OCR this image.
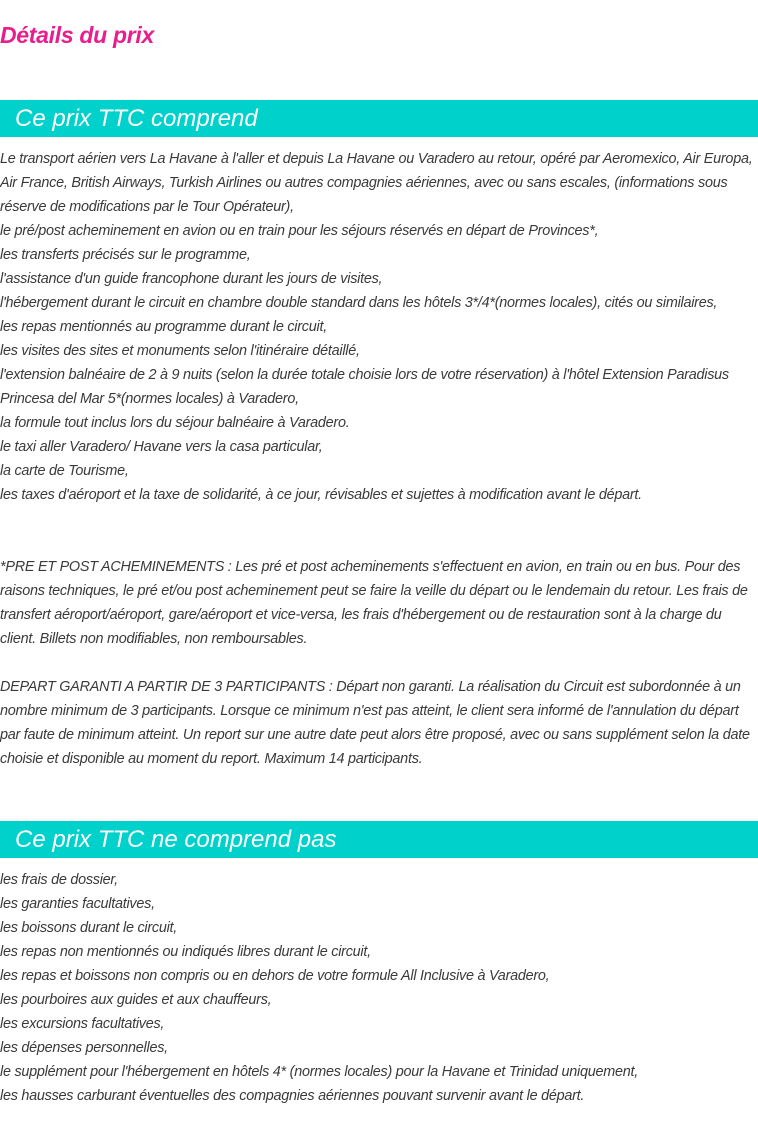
Détails du prix
Ce prix TTC comprend

Le transport aérien vers La Havane à l'aller et depuis La Havane ou Varadero au retour, opéré par Aeromexico, Air Europa, Air France, British Airways, Turkish Airlines ou autres compagnies aériennes, avec ou sans escales, (informations sous réserve de modifications par le Tour Opérateur),

le pré/post acheminement en avion ou en train pour les séjours réservés en départ de Provinces*,

les transferts précisés sur le programme,

l'assistance d'un guide francophone durant les jours de visites,

l'hébergement durant le circuit en chambre double standard dans les hôtels 3*/4*(normes locales), cités ou similaires,

les repas mentionnés au programme durant le circuit,

les visites des sites et monuments selon l'itinéraire détaillé,

l'extension balnéaire de 2 à 9 nuits (selon la durée totale choisie lors de votre réservation) à l'hôtel Extension Paradisus Princesa del Mar 5*(normes locales) à Varadero,

la formule tout inclus lors du séjour balnéaire à Varadero.

le taxi aller Varadero/ Havane vers la casa particular,

la carte de Tourisme,

les taxes d'aéroport et la taxe de solidarité, à ce jour, révisables et sujettes à modification avant le départ.

*PRE ET POST ACHEMINEMENTS : Les pré et post acheminements s'effectuent en avion, en train ou en bus. Pour des raisons techniques, le pré et/ou post acheminement peut se faire la veille du départ ou le lendemain du retour. Les frais de transfert aéroport/aéroport, gare/aéroport et vice-versa, les frais d'hébergement ou de restauration sont à la charge du client. Billets non modifiables, non remboursables.

DEPART GARANTI A PARTIR DE 3 PARTICIPANTS : Départ non garanti. La réalisation du Circuit est subordonnée à un nombre minimum de 3 participants. Lorsque ce minimum n'est pas atteint, le client sera informé de l'annulation du départ par faute de minimum atteint. Un report sur une autre date peut alors être proposé, avec ou sans supplément selon la date choisie et disponible au moment du report. Maximum 14 participants.

Ce prix TTC ne comprend pas

les frais de dossier,

les garanties facultatives,

les boissons durant le circuit,

les repas non mentionnés ou indiqués libres durant le circuit,

les repas et boissons non compris ou en dehors de votre formule All Inclusive à Varadero,

les pourboires aux guides et aux chauffeurs,

les excursions facultatives,

les dépenses personnelles,

le supplément pour l'hébergement en hôtels 4* (normes locales) pour la Havane et Trinidad uniquement,

les hausses carburant éventuelles des compagnies aériennes pouvant survenir avant le départ.
